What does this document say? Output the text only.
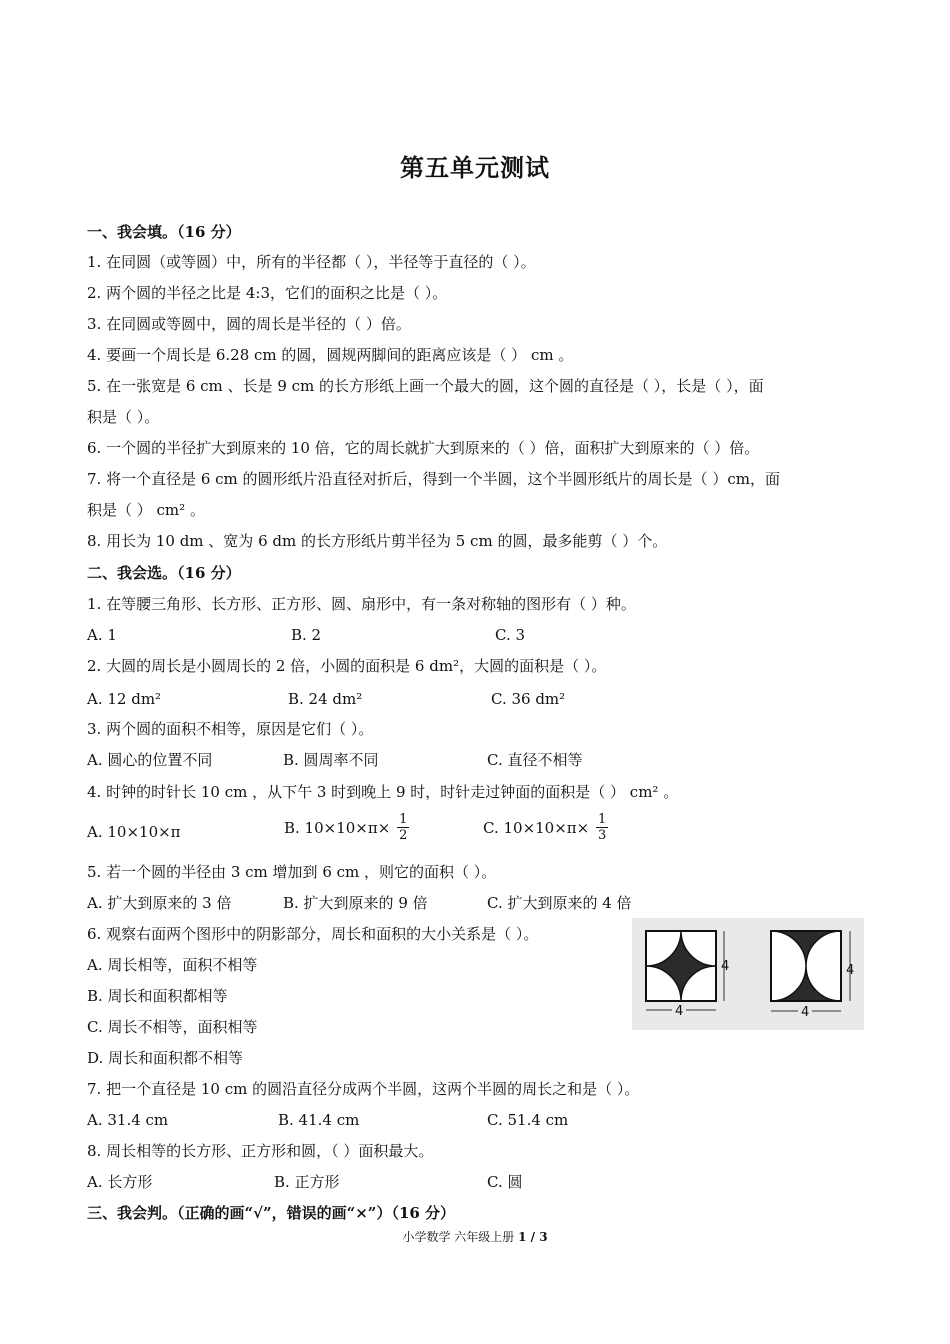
第五单元测试
一、我会填。（16 分）
1. 在同圆（或等圆）中，所有的半径都（ ），半径等于直径的（ ）。
2. 两个圆的半径之比是 4:3，它们的面积之比是（ ）。
3. 在同圆或等圆中，圆的周长是半径的（ ）倍。
4. 要画一个周长是 6.28 cm 的圆，圆规两脚间的距离应该是（ ） cm 。
5. 在一张宽是 6 cm 、长是 9 cm 的长方形纸上画一个最大的圆，这个圆的直径是（ ），长是（ ），面
积是（ ）。
6. 一个圆的半径扩大到原来的 10 倍，它的周长就扩大到原来的（ ）倍，面积扩大到原来的（ ）倍。
7. 将一个直径是 6 cm 的圆形纸片沿直径对折后，得到一个半圆，这个半圆形纸片的周长是（ ）cm，面
积是（ ） cm² 。
8. 用长为 10 dm 、宽为 6 dm 的长方形纸片剪半径为 5 cm 的圆，最多能剪（ ）个。
二、我会选。（16 分）
1. 在等腰三角形、长方形、正方形、圆、扇形中，有一条对称轴的图形有（ ）种。
A. 1	B. 2	C. 3
2. 大圆的周长是小圆周长的 2 倍，小圆的面积是 6 dm²，大圆的面积是（ ）。
A. 12 dm²	B. 24 dm²	C. 36 dm²
3. 两个圆的面积不相等，原因是它们（ ）。
A. 圆心的位置不同	B. 圆周率不同	C. 直径不相等
4. 时钟的时针长 10 cm ，从下午 3 时到晚上 9 时，时针走过钟面的面积是（ ） cm² 。
A. 10×10×π	B. $10\times 10\times\pi\times \frac{1}{2}$	C. $10\times 10\times\pi\times \frac{1}{3}$
5. 若一个圆的半径由 3 cm 增加到 6 cm ，则它的面积（ ）。
A. 扩大到原来的 3 倍	B. 扩大到原来的 9 倍	C. 扩大到原来的 4 倍
6. 观察右面两个图形中的阴影部分，周长和面积的大小关系是（ ）。
A. 周长相等，面积不相等
B. 周长和面积都相等
C. 周长不相等，面积相等
D. 周长和面积都不相等
4
4
4
4
7. 把一个直径是 10 cm 的圆沿直径分成两个半圆，这两个半圆的周长之和是（ ）。
A. 31.4 cm	B. 41.4 cm	C. 51.4 cm
8. 周长相等的长方形、正方形和圆，（ ）面积最大。
A. 长方形	B. 正方形	C. 圆
三、我会判。（正确的画“√”，错误的画“×”）（16 分）
小学数学 六年级上册 1 / 3
